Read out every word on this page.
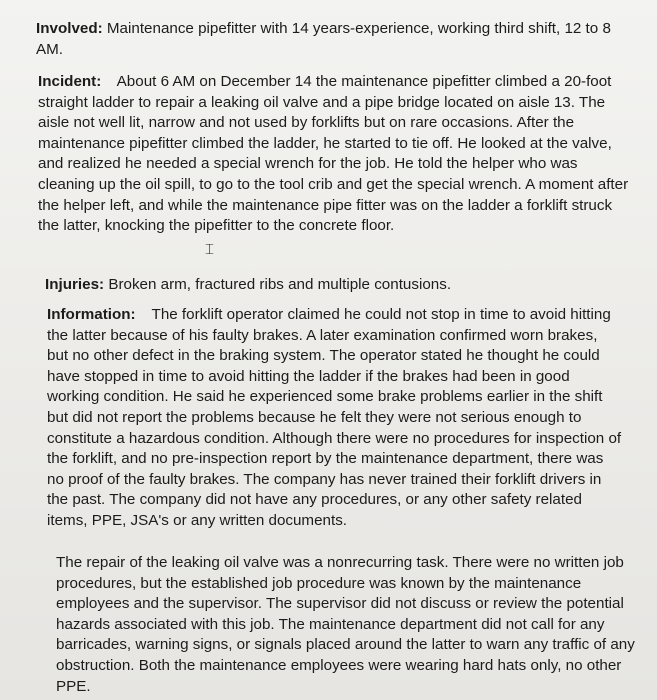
Involved: Maintenance pipefitter with 14 years-experience, working third shift, 12 to 8 AM.
Incident: About 6 AM on December 14 the maintenance pipefitter climbed a 20-foot straight ladder to repair a leaking oil valve and a pipe bridge located on aisle 13. The aisle not well lit, narrow and not used by forklifts but on rare occasions. After the maintenance pipefitter climbed the ladder, he started to tie off. He looked at the valve, and realized he needed a special wrench for the job. He told the helper who was cleaning up the oil spill, to go to the tool crib and get the special wrench. A moment after the helper left, and while the maintenance pipe fitter was on the ladder a forklift struck the latter, knocking the pipefitter to the concrete floor.
Injuries: Broken arm, fractured ribs and multiple contusions.
Information: The forklift operator claimed he could not stop in time to avoid hitting the latter because of his faulty brakes. A later examination confirmed worn brakes, but no other defect in the braking system. The operator stated he thought he could have stopped in time to avoid hitting the ladder if the brakes had been in good working condition. He said he experienced some brake problems earlier in the shift but did not report the problems because he felt they were not serious enough to constitute a hazardous condition. Although there were no procedures for inspection of the forklift, and no pre-inspection report by the maintenance department, there was no proof of the faulty brakes. The company has never trained their forklift drivers in the past. The company did not have any procedures, or any other safety related items, PPE, JSA's or any written documents.
The repair of the leaking oil valve was a nonrecurring task. There were no written job procedures, but the established job procedure was known by the maintenance employees and the supervisor. The supervisor did not discuss or review the potential hazards associated with this job. The maintenance department did not call for any barricades, warning signs, or signals placed around the latter to warn any traffic of any obstruction. Both the maintenance employees were wearing hard hats only, no other PPE.
⌶
